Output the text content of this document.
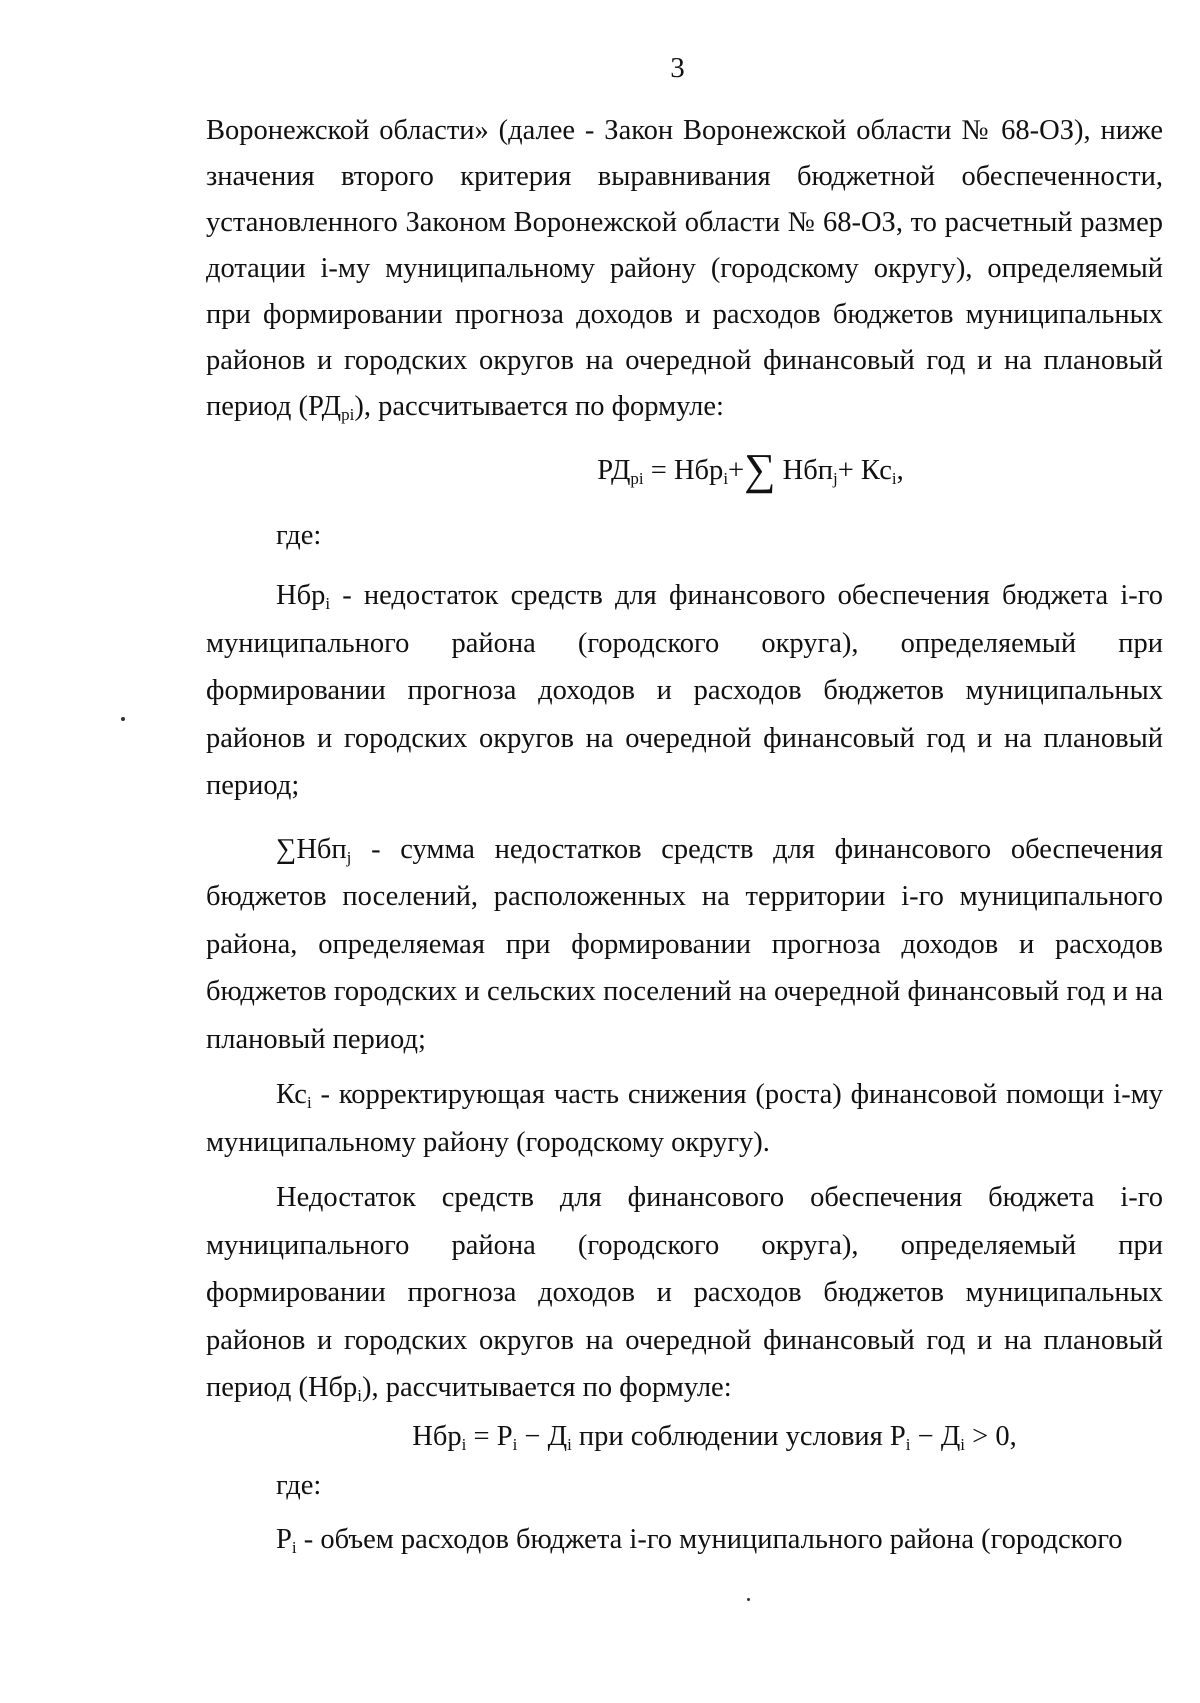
3

Воронежской области» (далее - Закон Воронежской области № 68-ОЗ), ниже значения второго критерия выравнивания бюджетной обеспеченности, установленного Законом Воронежской области № 68-ОЗ, то расчетный размер дотации i-му муниципальному району (городскому округу), определяемый при формировании прогноза доходов и расходов бюджетов муниципальных районов и городских округов на очередной финансовый год и на плановый период $(РД_{pi})$, рассчитывается по формуле:

$РД_{pi} = Нбр_i+\sum$ $Нбп_j+ Кс_i$,

где:

Нбр$_i$ - недостаток средств для финансового обеспечения бюджета i-го муниципального района (городского округа), определяемый при формировании прогноза доходов и расходов бюджетов муниципальных районов и городских округов на очередной финансовый год и на плановый период;

∑Нбп$_j$ - сумма недостатков средств для финансового обеспечения бюджетов поселений, расположенных на территории i-го муниципального района, определяемая при формировании прогноза доходов и расходов бюджетов городских и сельских поселений на очередной финансовый год и на плановый период;

$Кс_i$ - корректирующая часть снижения (роста) финансовой помощи i-му муниципальному району (городскому округу).

Недостаток средств для финансового обеспечения бюджета i-го муниципального района (городского округа), определяемый при формировании прогноза доходов и расходов бюджетов муниципальных районов и городских округов на очередной финансовый год и на плановый период (Нбр$_i$), рассчитывается по формуле:

$Нбр_i = Р_i - Д_i$ при соблюдении условия $Р_i - Д_i > 0$,

где:

$Р_i$ - объем расходов бюджета i-го муниципального района (городского
